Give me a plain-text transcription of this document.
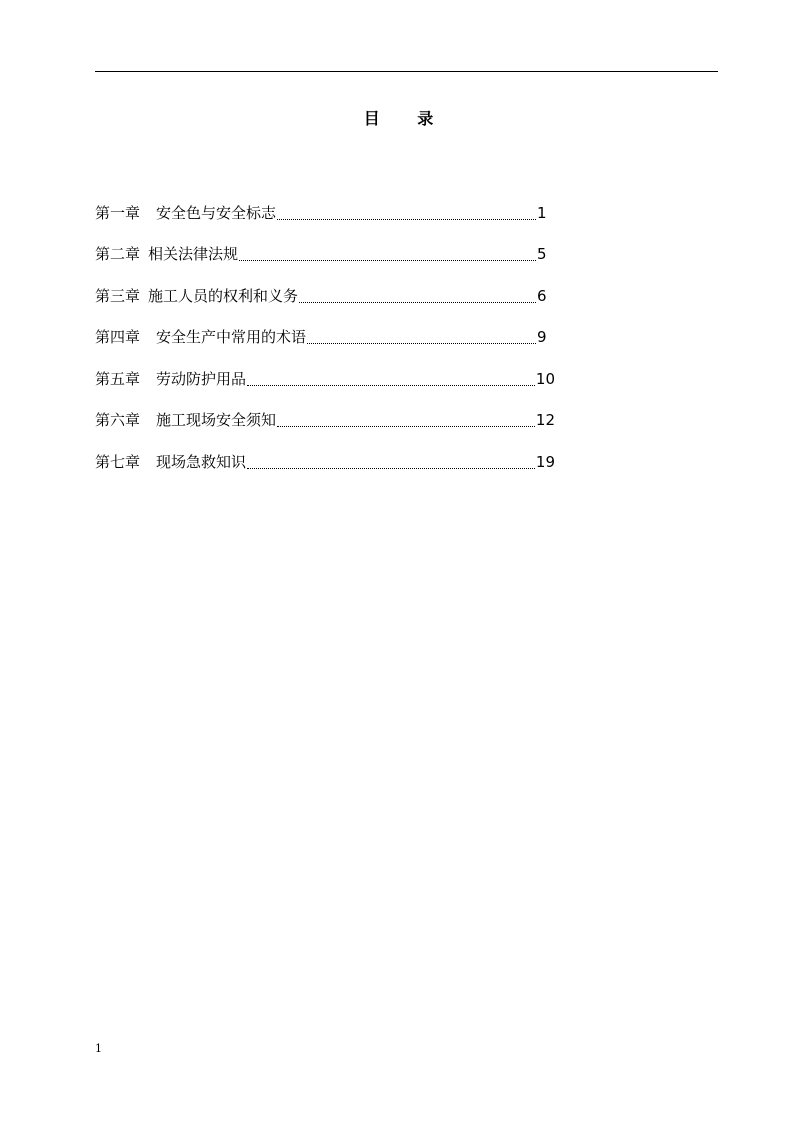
目 录
第一章 安全色与安全标志	1
第二章 相关法律法规	5
第三章 施工人员的权利和义务	6
第四章 安全生产中常用的术语	9
第五章 劳动防护用品	10
第六章 施工现场安全须知	12
第七章 现场急救知识	19
1
